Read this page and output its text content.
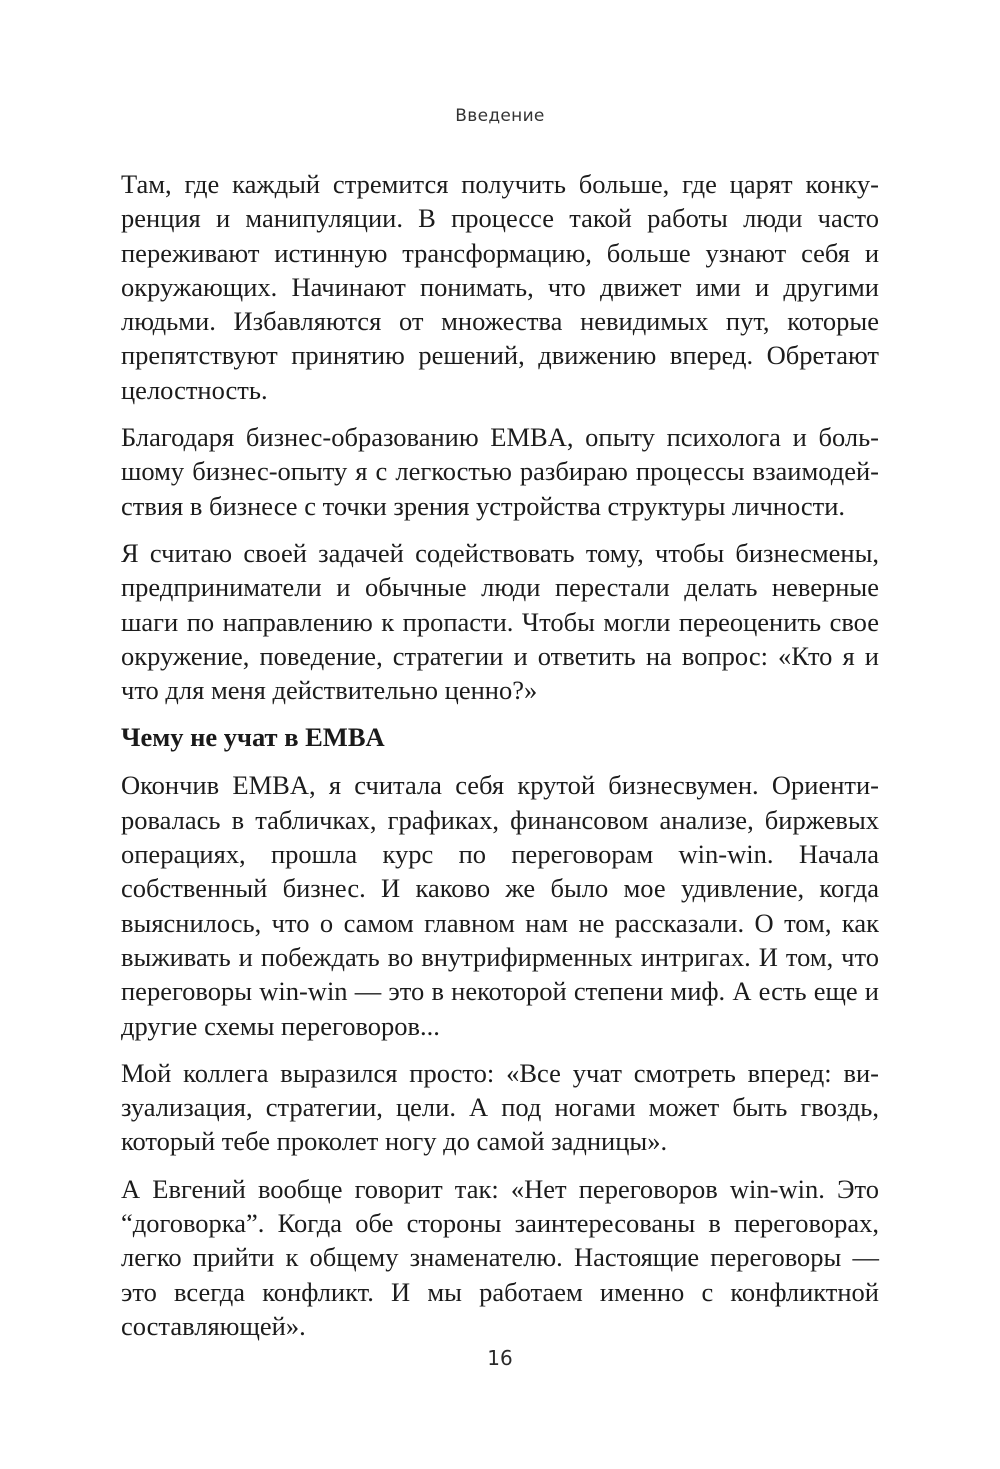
Введение

Там, где каждый стремится получить больше, где царят конкуренция и манипуляции. В процессе такой работы люди часто переживают истинную трансформацию, больше узнают себя и окружающих. Начинают понимать, что движет ими и другими людьми. Избавляются от множества невидимых пут, которые препятствуют принятию решений, движению вперед. Обретают целостность.

Благодаря бизнес-образованию EMBA, опыту психолога и большому бизнес-опыту я с легкостью разбираю процессы взаимодействия в бизнесе с точки зрения устройства структуры личности.

Я считаю своей задачей содействовать тому, чтобы бизнесмены, предприниматели и обычные люди перестали делать неверные шаги по направлению к пропасти. Чтобы могли переоценить свое окружение, поведение, стратегии и ответить на вопрос: «Кто я и что для меня действительно ценно?»

Чему не учат в EMBA

Окончив EMBA, я считала себя крутой бизнесвумен. Ориентировалась в табличках, графиках, финансовом анализе, биржевых операциях, прошла курс по переговорам win-win. Начала собственный бизнес. И каково же было мое удивление, когда выяснилось, что о самом главном нам не рассказали. О том, как выживать и побеждать во внутрифирменных интригах. И том, что переговоры win-win — это в некоторой степени миф. А есть еще и другие схемы переговоров...

Мой коллега выразился просто: «Все учат смотреть вперед: визуализация, стратегии, цели. А под ногами может быть гвоздь, который тебе проколет ногу до самой задницы».

А Евгений вообще говорит так: «Нет переговоров win-win. Это “договорка”. Когда обе стороны заинтересованы в переговорах, легко прийти к общему знаменателю. Настоящие переговоры — это всегда конфликт. И мы работаем именно с конфликтной составляющей».

16
